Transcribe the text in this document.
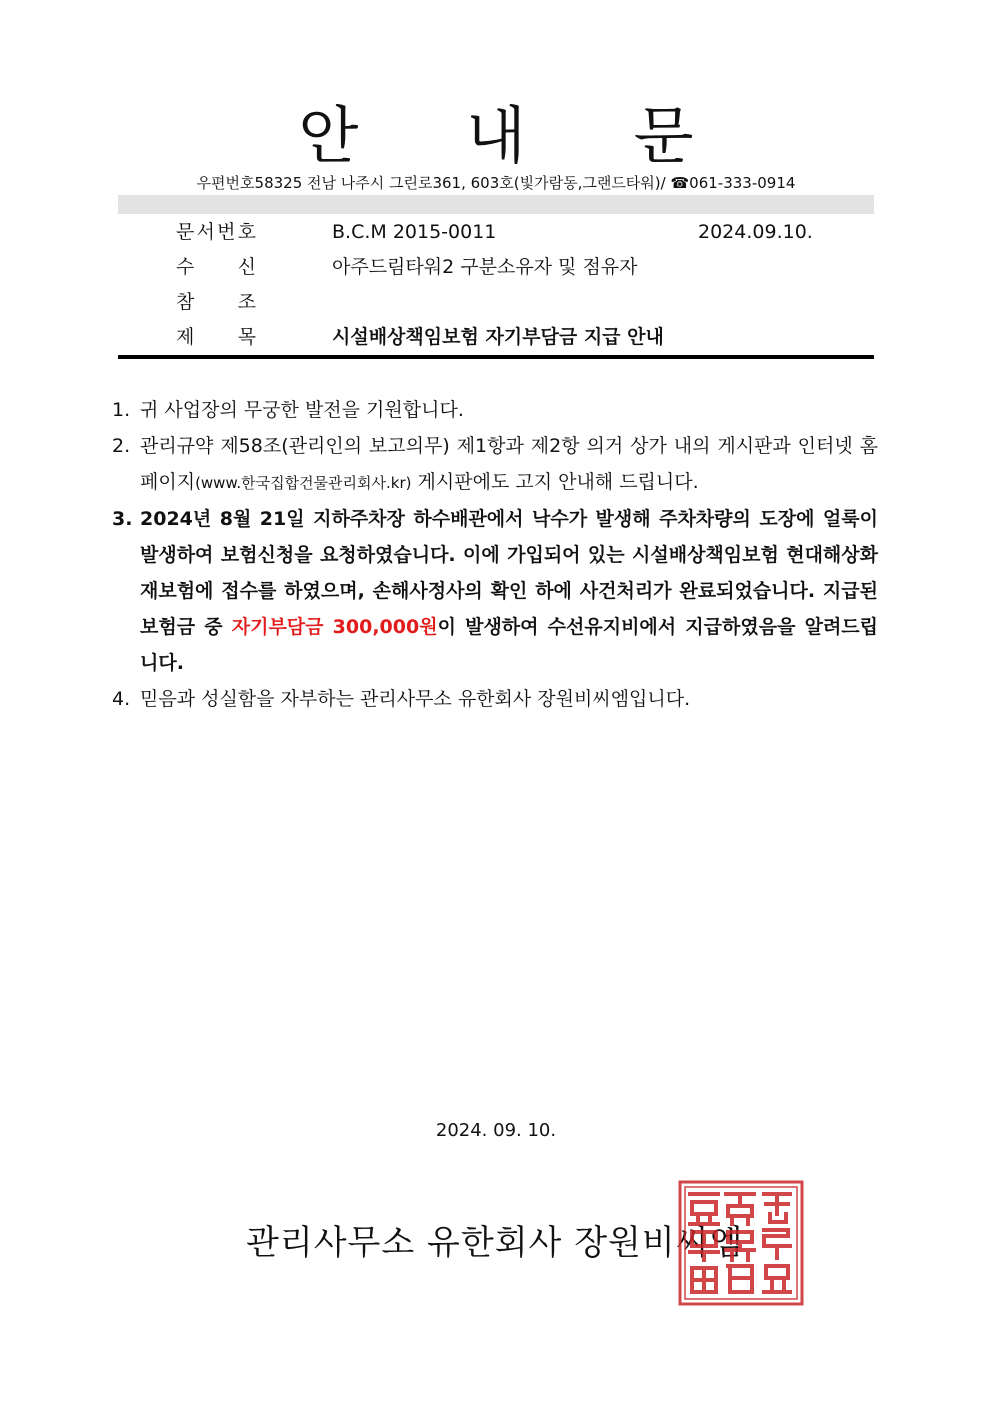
안 내 문
우편번호58325 전남 나주시 그린로361, 603호(빛가람동,그랜드타워)/ ☎061-333-0914
문 서 번 호	B.C.M 2015-0011	2024.09.10.
수 신	아주드림타워2 구분소유자 및 점유자
참 조
제 목	시설배상책임보험 자기부담금 지급 안내

1. 귀 사업장의 무궁한 발전을 기원합니다.

2. 관리규약 제58조(관리인의 보고의무) 제1항과 제2항 의거 상가 내의 게시판과 인터넷 홈페이지(www.한국집합건물관리회사.kr) 게시판에도 고지 안내해 드립니다.

3. 2024년 8월 21일 지하주차장 하수배관에서 낙수가 발생해 주차차량의 도장에 얼룩이 발생하여 보험신청을 요청하였습니다. 이에 가입되어 있는 시설배상책임보험 현대해상화재보험에 접수를 하였으며, 손해사정사의 확인 하에 사건처리가 완료되었습니다. 지급된 보험금 중 자기부담금 300,000원이 발생하여 수선유지비에서 지급하였음을 알려드립니다.

4. 믿음과 성실함을 자부하는 관리사무소 유한회사 장원비씨엠입니다.

2024. 09. 10.
관리사무소 유한회사 장원비씨엠
